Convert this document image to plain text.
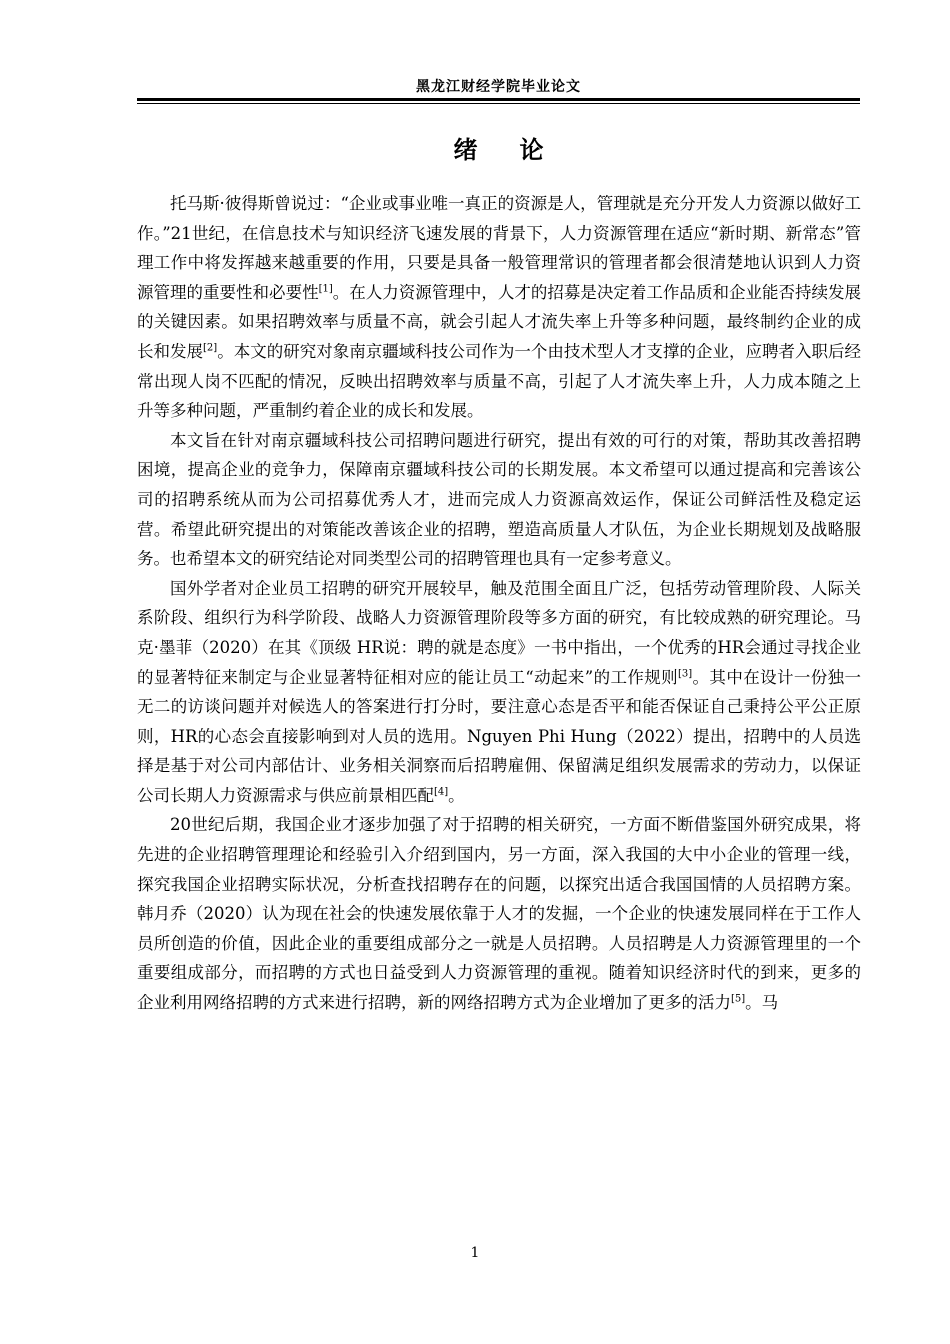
黑龙江财经学院毕业论文
绪论

托马斯·彼得斯曾说过：“企业或事业唯一真正的资源是人，管理就是充分开发人力资源以做好工作。”21世纪，在信息技术与知识经济飞速发展的背景下，人力资源管理在适应“新时期、新常态”管理工作中将发挥越来越重要的作用，只要是具备一般管理常识的管理者都会很清楚地认识到人力资源管理的重要性和必要性[1]。在人力资源管理中，人才的招募是决定着工作品质和企业能否持续发展的关键因素。如果招聘效率与质量不高，就会引起人才流失率上升等多种问题，最终制约企业的成长和发展[2]。本文的研究对象南京疆域科技公司作为一个由技术型人才支撑的企业，应聘者入职后经常出现人岗不匹配的情况，反映出招聘效率与质量不高，引起了人才流失率上升，人力成本随之上升等多种问题，严重制约着企业的成长和发展。

本文旨在针对南京疆域科技公司招聘问题进行研究，提出有效的可行的对策，帮助其改善招聘困境，提高企业的竞争力，保障南京疆域科技公司的长期发展。本文希望可以通过提高和完善该公司的招聘系统从而为公司招募优秀人才，进而完成人力资源高效运作，保证公司鲜活性及稳定运营。希望此研究提出的对策能改善该企业的招聘，塑造高质量人才队伍，为企业长期规划及战略服务。也希望本文的研究结论对同类型公司的招聘管理也具有一定参考意义。

国外学者对企业员工招聘的研究开展较早，触及范围全面且广泛，包括劳动管理阶段、人际关系阶段、组织行为科学阶段、战略人力资源管理阶段等多方面的研究，有比较成熟的研究理论。马克·墨菲（2020）在其《顶级 HR说：聘的就是态度》一书中指出，一个优秀的HR会通过寻找企业的显著特征来制定与企业显著特征相对应的能让员工“动起来”的工作规则[3]。其中在设计一份独一无二的访谈问题并对候选人的答案进行打分时，要注意心态是否平和能否保证自己秉持公平公正原则，HR的心态会直接影响到对人员的选用。Nguyen Phi Hung（2022）提出，招聘中的人员选择是基于对公司内部估计、业务相关洞察而后招聘雇佣、保留满足组织发展需求的劳动力，以保证公司长期人力资源需求与供应前景相匹配[4]。

20世纪后期，我国企业才逐步加强了对于招聘的相关研究，一方面不断借鉴国外研究成果，将先进的企业招聘管理理论和经验引入介绍到国内，另一方面，深入我国的大中小企业的管理一线，探究我国企业招聘实际状况，分析查找招聘存在的问题，以探究出适合我国国情的人员招聘方案。韩月乔（2020）认为现在社会的快速发展依靠于人才的发掘，一个企业的快速发展同样在于工作人员所创造的价值，因此企业的重要组成部分之一就是人员招聘。人员招聘是人力资源管理里的一个重要组成部分，而招聘的方式也日益受到人力资源管理的重视。随着知识经济时代的到来，更多的企业利用网络招聘的方式来进行招聘，新的网络招聘方式为企业增加了更多的活力[5]。马

1
